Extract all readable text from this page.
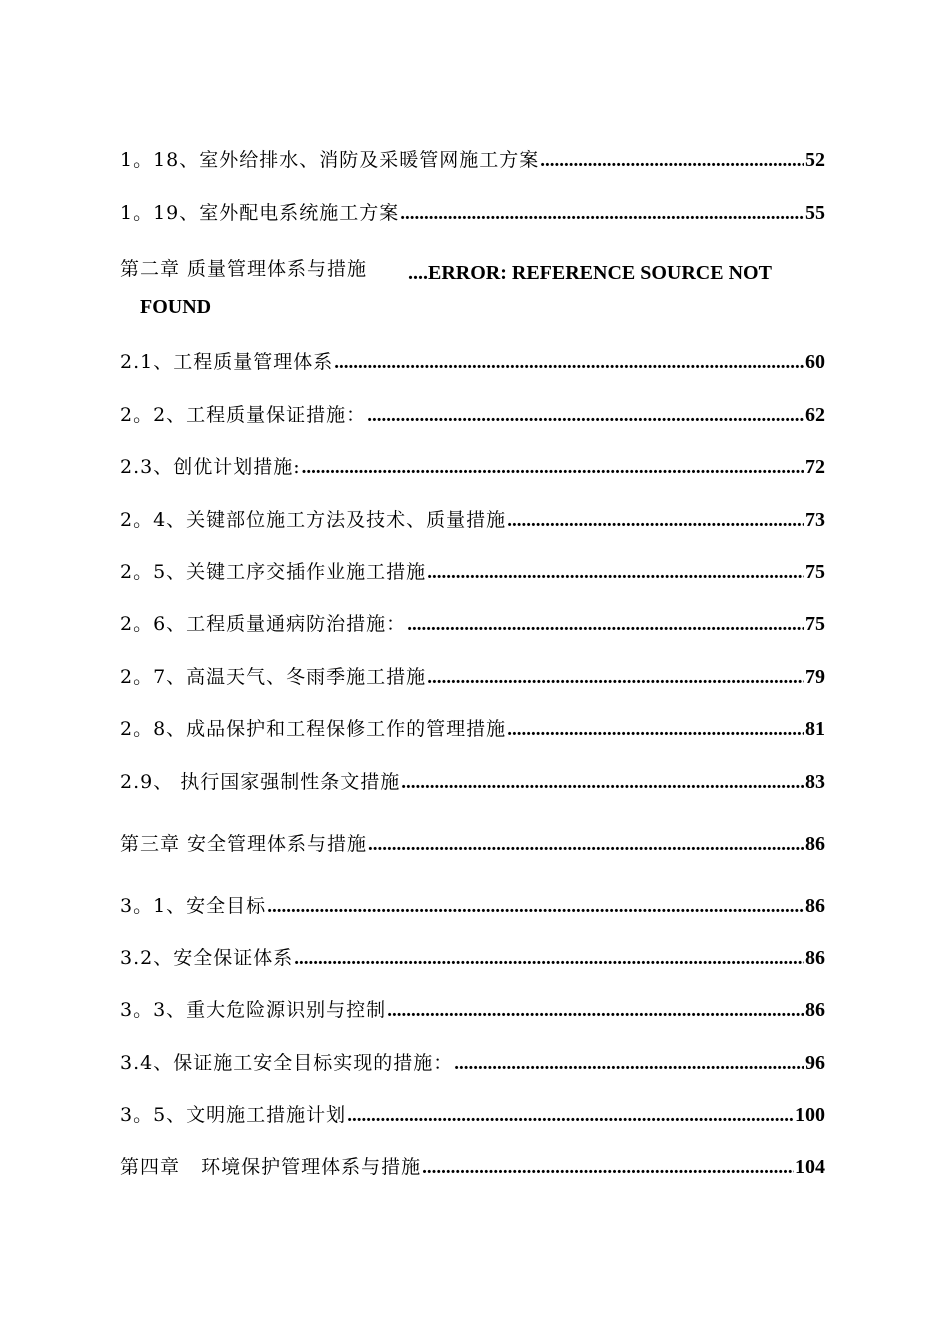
1。18、室外给排水、消防及采暖管网施工方案 .....	52
1。19、室外配电系统施工方案 .....	55
第二章 质量管理体系与措施 ....ERROR: REFERENCE SOURCE NOT
FOUND
2.1、工程质量管理体系 .....	60
2。2、工程质量保证措施： .....	62
2.3、创优计划措施: .....	72
2。4、关键部位施工方法及技术、质量措施 .....	73
2。5、关键工序交插作业施工措施 .....	75
2。6、工程质量通病防治措施： .....	75
2。7、高温天气、冬雨季施工措施 .....	79
2。8、成品保护和工程保修工作的管理措施 .....	81
2.9、 执行国家强制性条文措施 .....	83
第三章 安全管理体系与措施 .....	86
3。1、安全目标 .....	86
3.2、安全保证体系 .....	86
3。3、重大危险源识别与控制 .....	86
3.4、保证施工安全目标实现的措施： .....	96
3。5、文明施工措施计划 .....	100
第四章   环境保护管理体系与措施 .....	104
